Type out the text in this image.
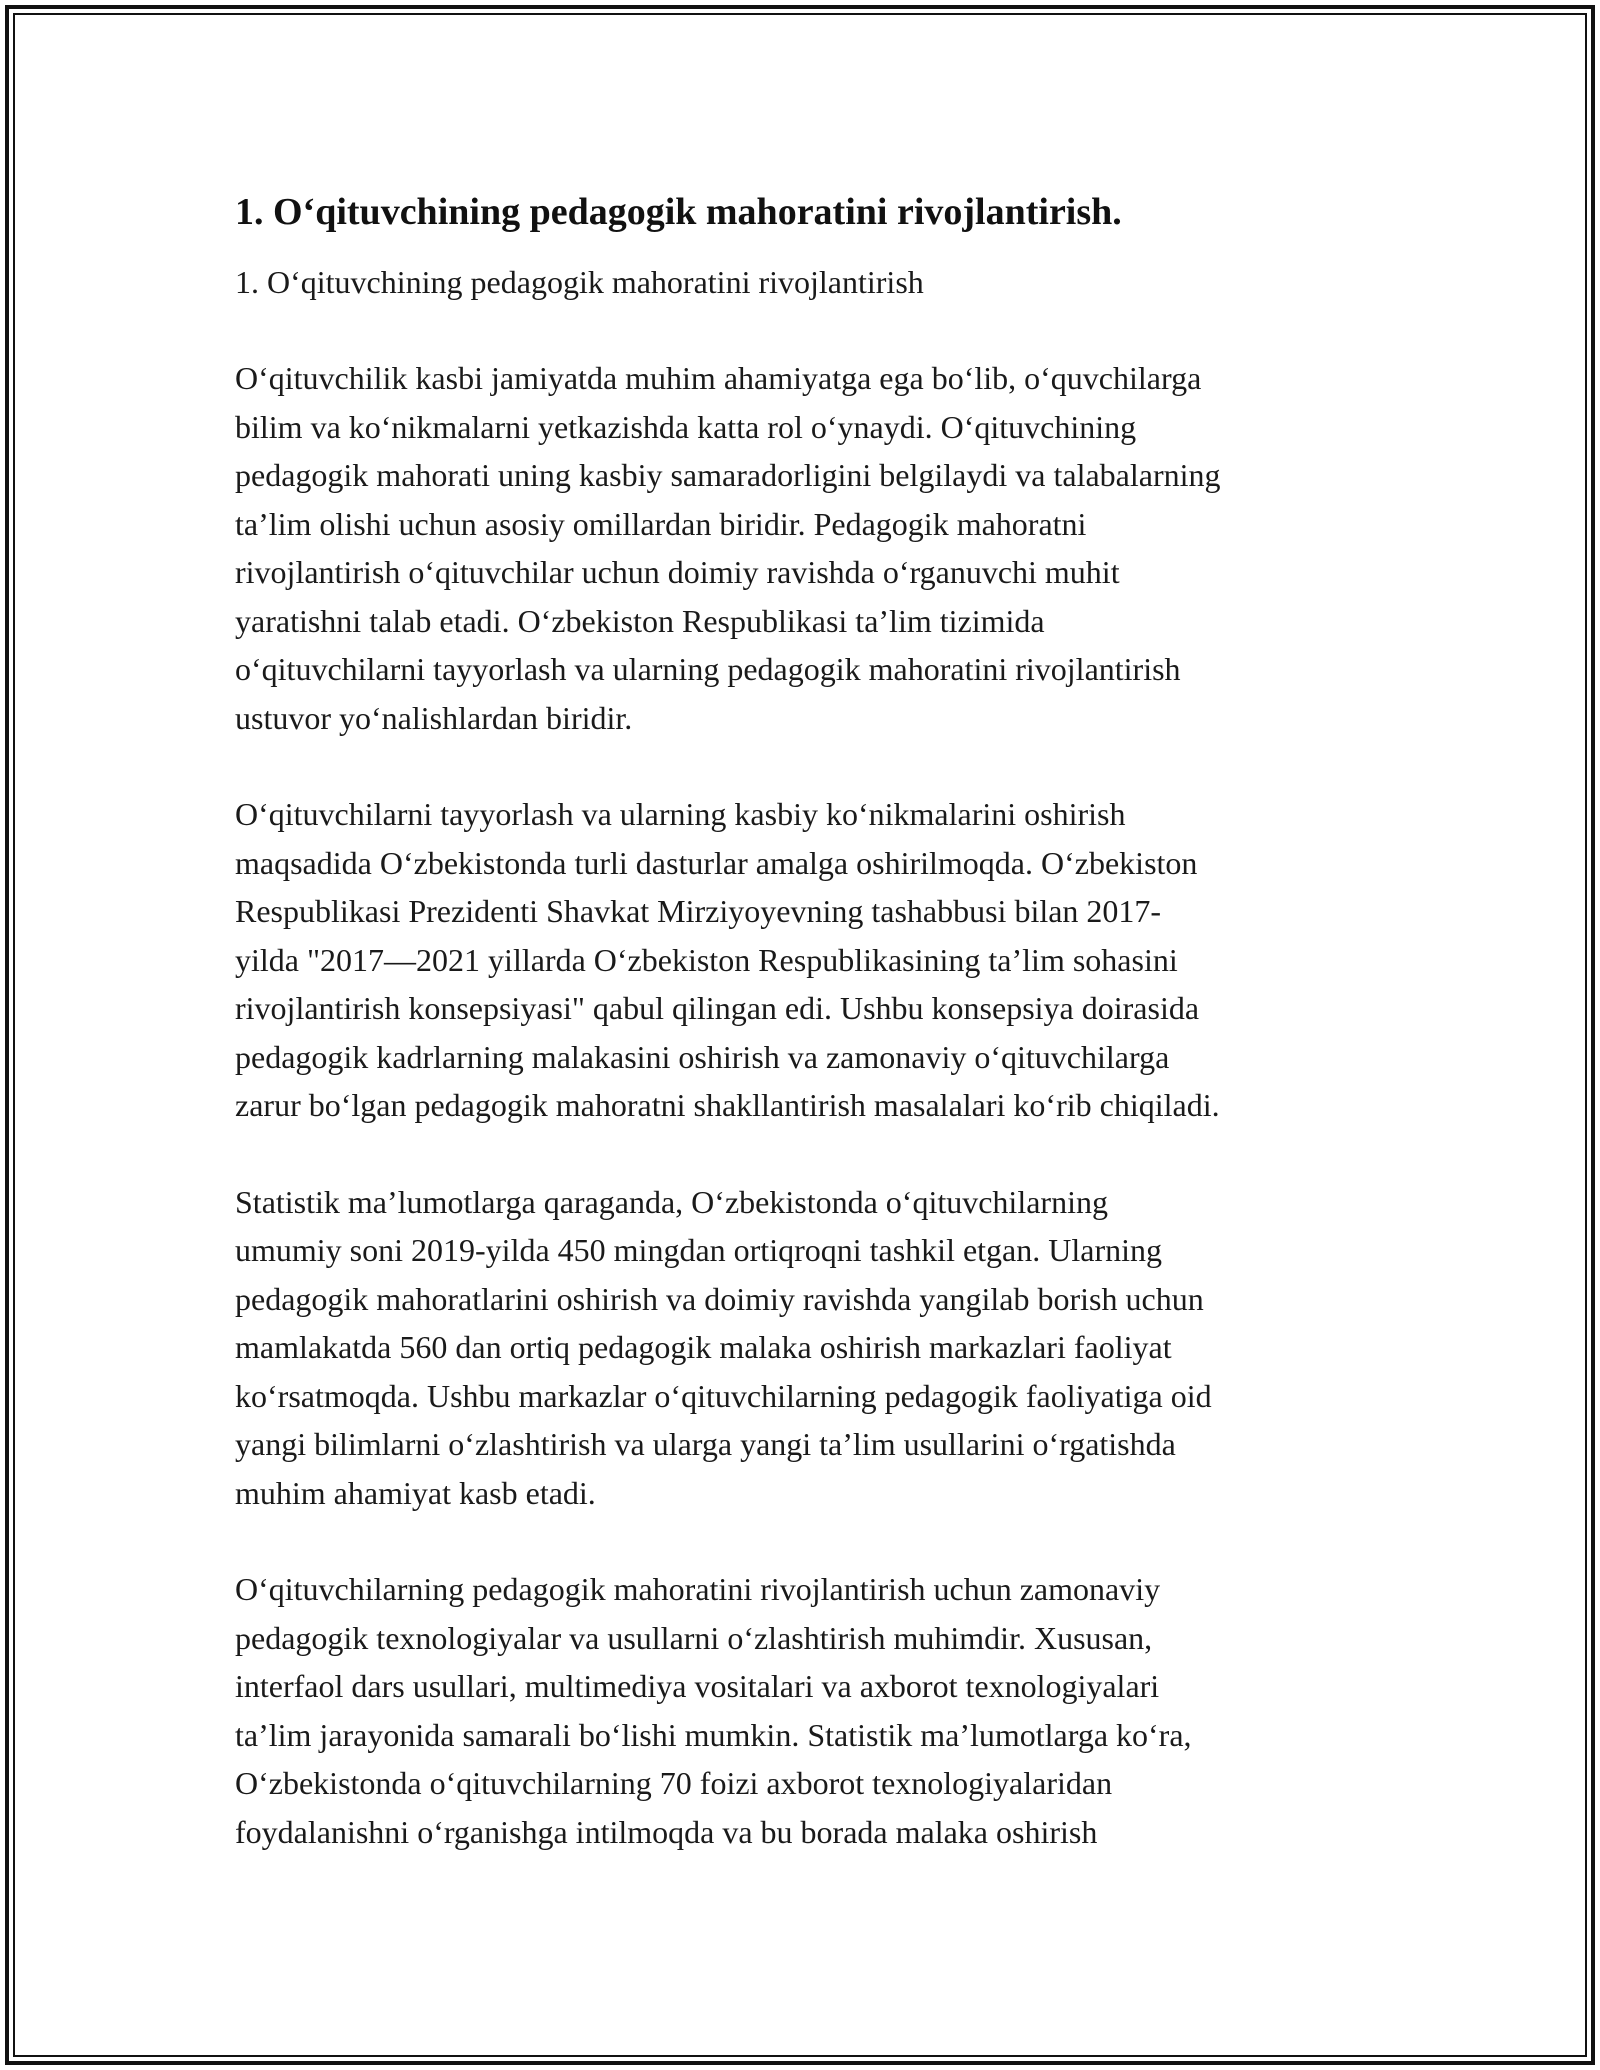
1. O‘qituvchining pedagogik mahoratini rivojlantirish.

1. O‘qituvchining pedagogik mahoratini rivojlantirish

O‘qituvchilik kasbi jamiyatda muhim ahamiyatga ega bo‘lib, o‘quvchilarga
bilim va ko‘nikmalarni yetkazishda katta rol o‘ynaydi. O‘qituvchining
pedagogik mahorati uning kasbiy samaradorligini belgilaydi va talabalarning
ta’lim olishi uchun asosiy omillardan biridir. Pedagogik mahoratni
rivojlantirish o‘qituvchilar uchun doimiy ravishda o‘rganuvchi muhit
yaratishni talab etadi. O‘zbekiston Respublikasi ta’lim tizimida
o‘qituvchilarni tayyorlash va ularning pedagogik mahoratini rivojlantirish
ustuvor yo‘nalishlardan biridir.
O‘qituvchilarni tayyorlash va ularning kasbiy ko‘nikmalarini oshirish
maqsadida O‘zbekistonda turli dasturlar amalga oshirilmoqda. O‘zbekiston
Respublikasi Prezidenti Shavkat Mirziyoyevning tashabbusi bilan 2017-
yilda "2017—2021 yillarda O‘zbekiston Respublikasining ta’lim sohasini
rivojlantirish konsepsiyasi" qabul qilingan edi. Ushbu konsepsiya doirasida
pedagogik kadrlarning malakasini oshirish va zamonaviy o‘qituvchilarga
zarur bo‘lgan pedagogik mahoratni shakllantirish masalalari ko‘rib chiqiladi.
Statistik ma’lumotlarga qaraganda, O‘zbekistonda o‘qituvchilarning
umumiy soni 2019-yilda 450 mingdan ortiqroqni tashkil etgan. Ularning
pedagogik mahoratlarini oshirish va doimiy ravishda yangilab borish uchun
mamlakatda 560 dan ortiq pedagogik malaka oshirish markazlari faoliyat
ko‘rsatmoqda. Ushbu markazlar o‘qituvchilarning pedagogik faoliyatiga oid
yangi bilimlarni o‘zlashtirish va ularga yangi ta’lim usullarini o‘rgatishda
muhim ahamiyat kasb etadi.
O‘qituvchilarning pedagogik mahoratini rivojlantirish uchun zamonaviy
pedagogik texnologiyalar va usullarni o‘zlashtirish muhimdir. Xususan,
interfaol dars usullari, multimediya vositalari va axborot texnologiyalari
ta’lim jarayonida samarali bo‘lishi mumkin. Statistik ma’lumotlarga ko‘ra,
O‘zbekistonda o‘qituvchilarning 70 foizi axborot texnologiyalaridan
foydalanishni o‘rganishga intilmoqda va bu borada malaka oshirish
